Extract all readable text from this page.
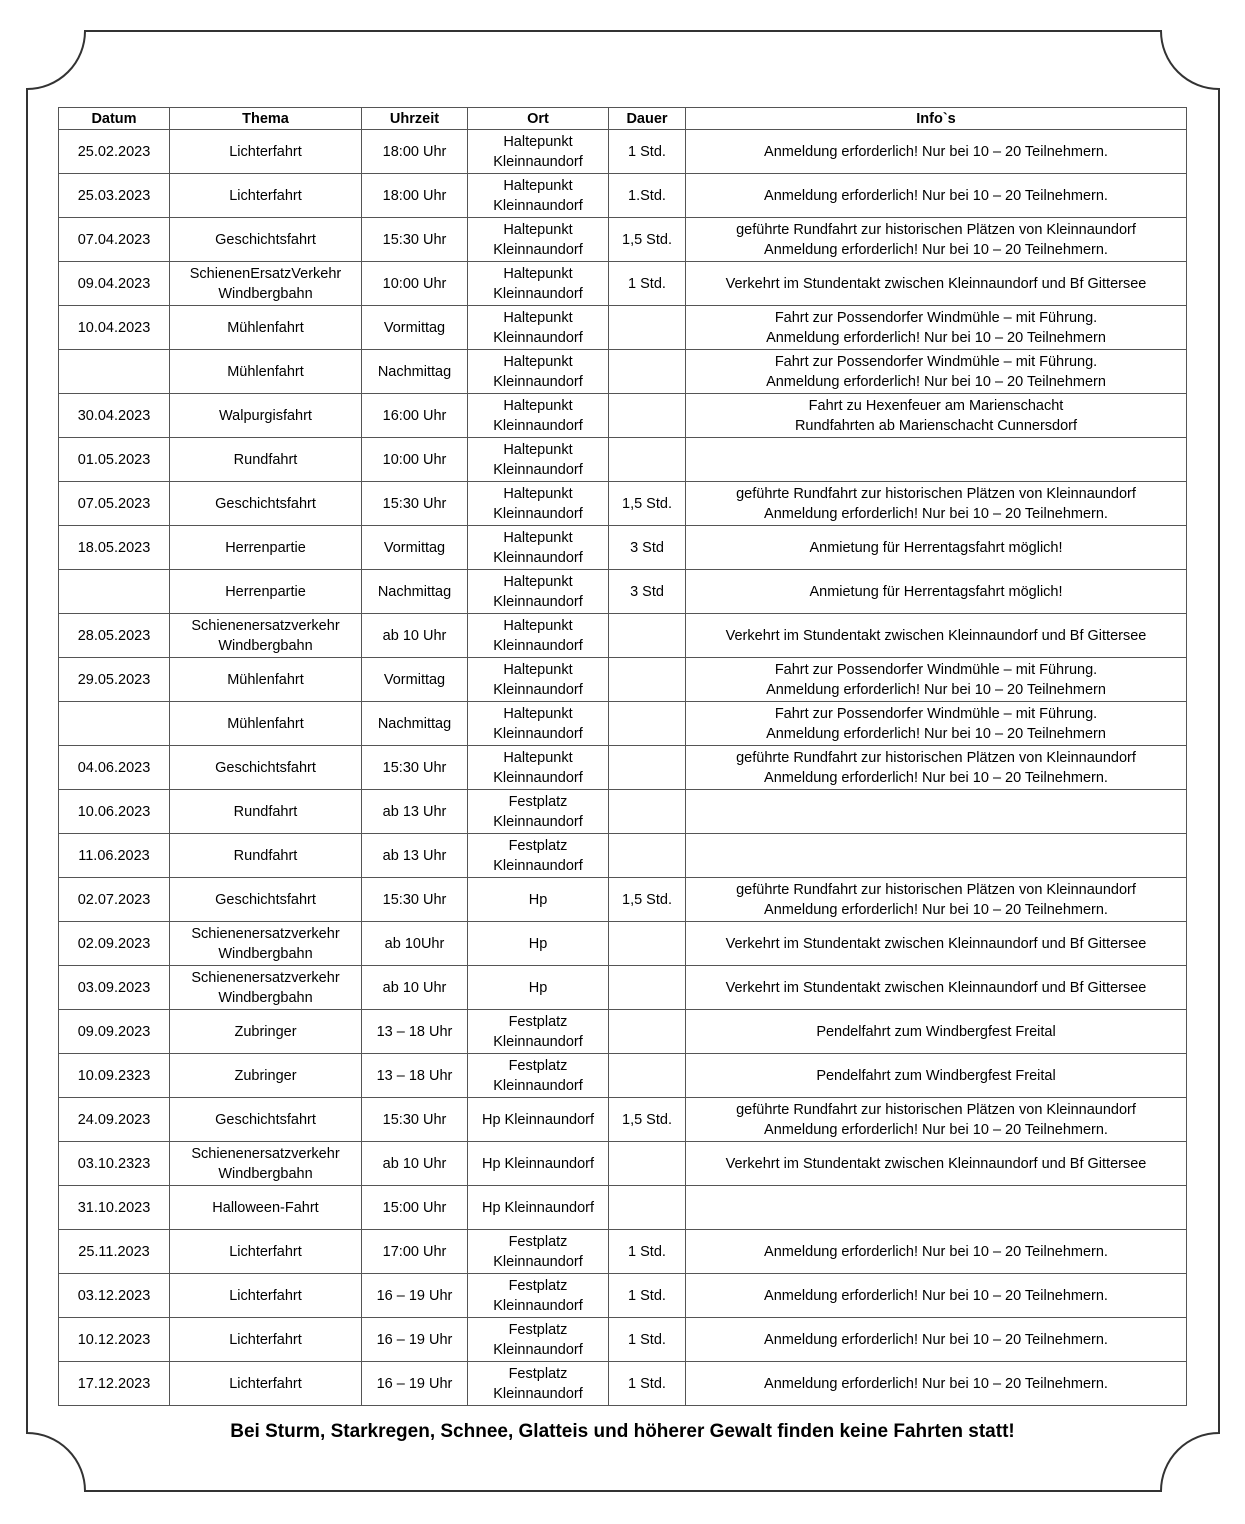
Datum	Thema	Uhrzeit	Ort	Dauer	Info`s
25.02.2023	Lichterfahrt	18:00 Uhr	Haltepunkt
Kleinnaundorf	1 Std.	Anmeldung erforderlich! Nur bei 10 – 20 Teilnehmern.
25.03.2023	Lichterfahrt	18:00 Uhr	Haltepunkt
Kleinnaundorf	1.Std.	Anmeldung erforderlich! Nur bei 10 – 20 Teilnehmern.
07.04.2023	Geschichtsfahrt	15:30 Uhr	Haltepunkt
Kleinnaundorf	1,5 Std.	geführte Rundfahrt zur historischen Plätzen von Kleinnaundorf
Anmeldung erforderlich! Nur bei 10 – 20 Teilnehmern.
09.04.2023	SchienenErsatzVerkehr
Windbergbahn	10:00 Uhr	Haltepunkt
Kleinnaundorf	1 Std.	Verkehrt im Stundentakt zwischen Kleinnaundorf und Bf Gittersee
10.04.2023	Mühlenfahrt	Vormittag	Haltepunkt
Kleinnaundorf		Fahrt zur Possendorfer Windmühle – mit Führung.
Anmeldung erforderlich! Nur bei 10 – 20 Teilnehmern
	Mühlenfahrt	Nachmittag	Haltepunkt
Kleinnaundorf		Fahrt zur Possendorfer Windmühle – mit Führung.
Anmeldung erforderlich! Nur bei 10 – 20 Teilnehmern
30.04.2023	Walpurgisfahrt	16:00 Uhr	Haltepunkt
Kleinnaundorf		Fahrt zu Hexenfeuer am Marienschacht
Rundfahrten ab Marienschacht Cunnersdorf
01.05.2023	Rundfahrt	10:00 Uhr	Haltepunkt
Kleinnaundorf		
07.05.2023	Geschichtsfahrt	15:30 Uhr	Haltepunkt
Kleinnaundorf	1,5 Std.	geführte Rundfahrt zur historischen Plätzen von Kleinnaundorf
Anmeldung erforderlich! Nur bei 10 – 20 Teilnehmern.
18.05.2023	Herrenpartie	Vormittag	Haltepunkt
Kleinnaundorf	3 Std	Anmietung für Herrentagsfahrt möglich!
	Herrenpartie	Nachmittag	Haltepunkt
Kleinnaundorf	3 Std	Anmietung für Herrentagsfahrt möglich!
28.05.2023	Schienenersatzverkehr
Windbergbahn	ab 10 Uhr	Haltepunkt
Kleinnaundorf		Verkehrt im Stundentakt zwischen Kleinnaundorf und Bf Gittersee
29.05.2023	Mühlenfahrt	Vormittag	Haltepunkt
Kleinnaundorf		Fahrt zur Possendorfer Windmühle – mit Führung.
Anmeldung erforderlich! Nur bei 10 – 20 Teilnehmern
	Mühlenfahrt	Nachmittag	Haltepunkt
Kleinnaundorf		Fahrt zur Possendorfer Windmühle – mit Führung.
Anmeldung erforderlich! Nur bei 10 – 20 Teilnehmern
04.06.2023	Geschichtsfahrt	15:30 Uhr	Haltepunkt
Kleinnaundorf		geführte Rundfahrt zur historischen Plätzen von Kleinnaundorf
Anmeldung erforderlich! Nur bei 10 – 20 Teilnehmern.
10.06.2023	Rundfahrt	ab 13 Uhr	Festplatz
Kleinnaundorf		
11.06.2023	Rundfahrt	ab 13 Uhr	Festplatz
Kleinnaundorf		
02.07.2023	Geschichtsfahrt	15:30 Uhr	Hp	1,5 Std.	geführte Rundfahrt zur historischen Plätzen von Kleinnaundorf
Anmeldung erforderlich! Nur bei 10 – 20 Teilnehmern.
02.09.2023	Schienenersatzverkehr
Windbergbahn	ab 10Uhr	Hp		Verkehrt im Stundentakt zwischen Kleinnaundorf und Bf Gittersee
03.09.2023	Schienenersatzverkehr
Windbergbahn	ab 10 Uhr	Hp		Verkehrt im Stundentakt zwischen Kleinnaundorf und Bf Gittersee
09.09.2023	Zubringer	13 – 18 Uhr	Festplatz
Kleinnaundorf		Pendelfahrt zum Windbergfest Freital
10.09.2323	Zubringer	13 – 18 Uhr	Festplatz
Kleinnaundorf		Pendelfahrt zum Windbergfest Freital
24.09.2023	Geschichtsfahrt	15:30 Uhr	Hp Kleinnaundorf	1,5 Std.	geführte Rundfahrt zur historischen Plätzen von Kleinnaundorf
Anmeldung erforderlich! Nur bei 10 – 20 Teilnehmern.
03.10.2323	Schienenersatzverkehr
Windbergbahn	ab 10 Uhr	Hp Kleinnaundorf		Verkehrt im Stundentakt zwischen Kleinnaundorf und Bf Gittersee
31.10.2023	Halloween-Fahrt	15:00 Uhr	Hp Kleinnaundorf		
25.11.2023	Lichterfahrt	17:00 Uhr	Festplatz
Kleinnaundorf	1 Std.	Anmeldung erforderlich! Nur bei 10 – 20 Teilnehmern.
03.12.2023	Lichterfahrt	16 – 19 Uhr	Festplatz
Kleinnaundorf	1 Std.	Anmeldung erforderlich! Nur bei 10 – 20 Teilnehmern.
10.12.2023	Lichterfahrt	16 – 19 Uhr	Festplatz
Kleinnaundorf	1 Std.	Anmeldung erforderlich! Nur bei 10 – 20 Teilnehmern.
17.12.2023	Lichterfahrt	16 – 19 Uhr	Festplatz
Kleinnaundorf	1 Std.	Anmeldung erforderlich! Nur bei 10 – 20 Teilnehmern.
Bei Sturm, Starkregen, Schnee, Glatteis und höherer Gewalt finden keine Fahrten statt!
